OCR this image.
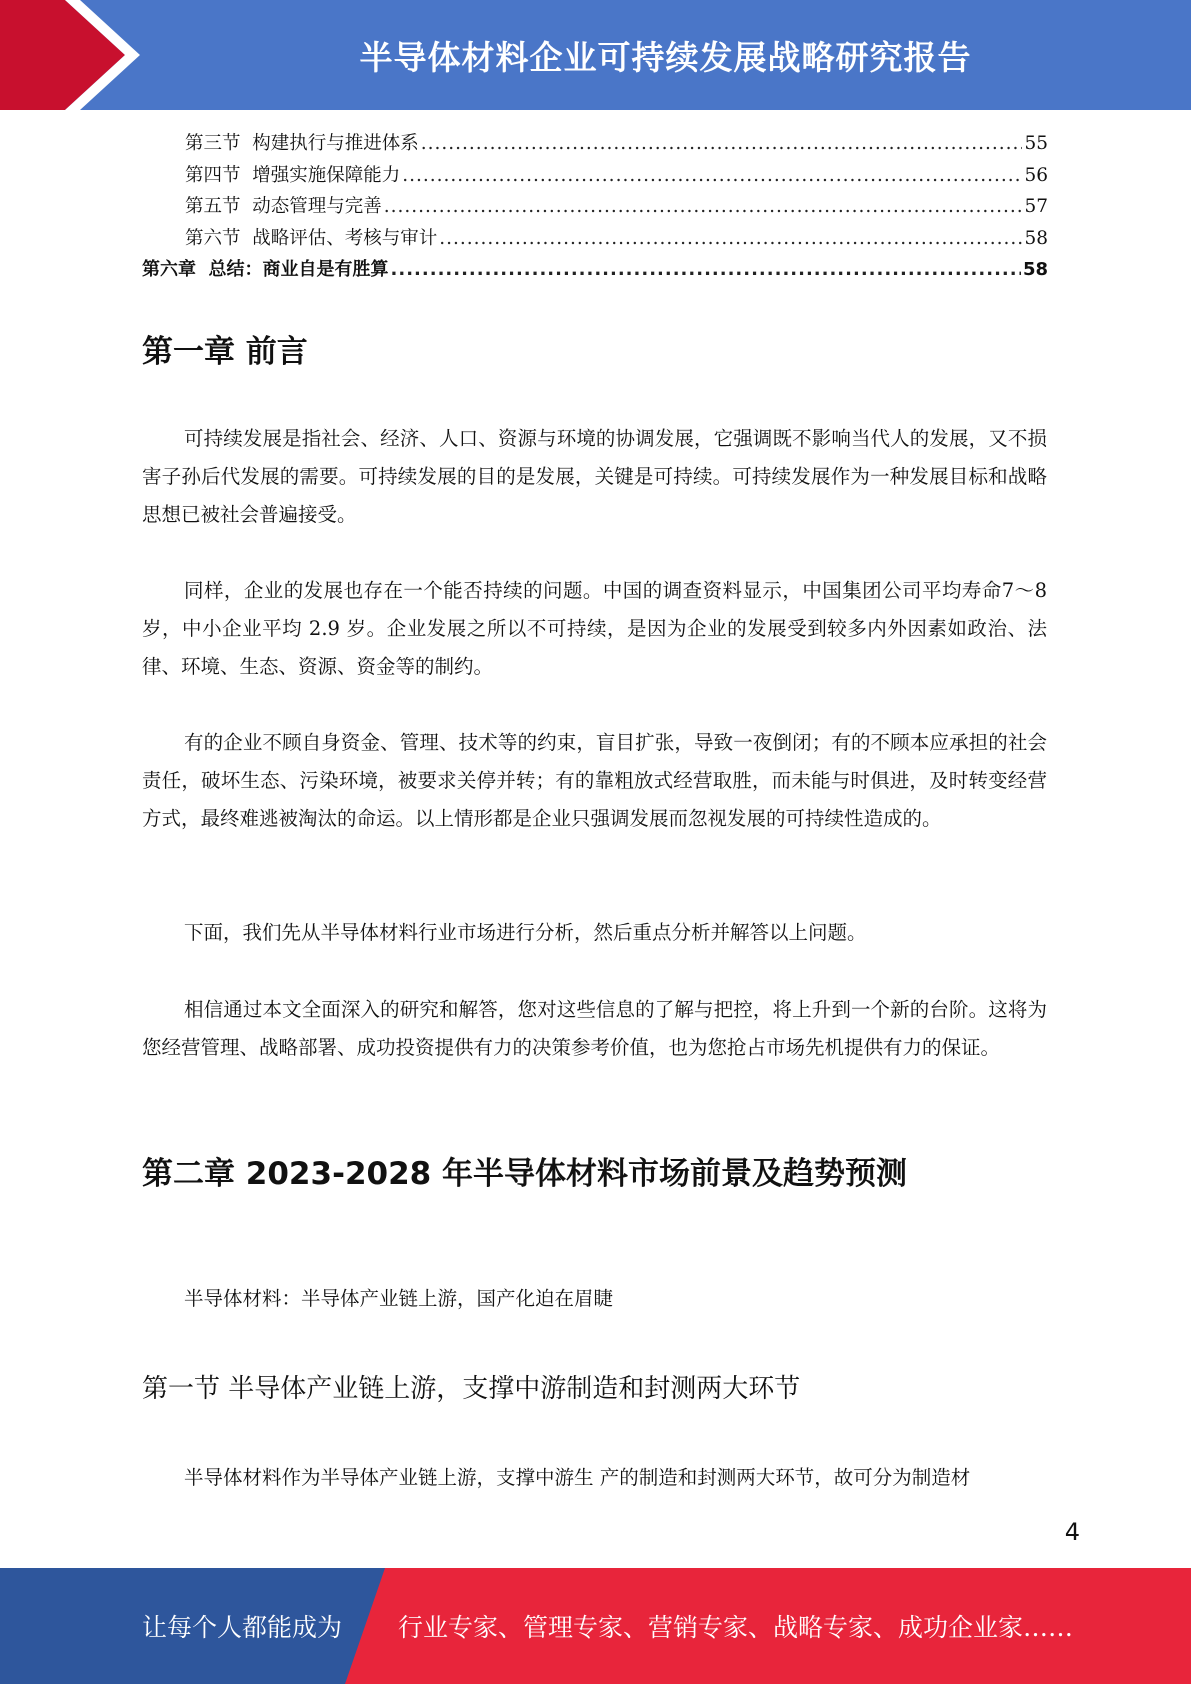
半导体材料企业可持续发展战略研究报告
第三节  构建执行与推进体系 .....	55
第四节  增强实施保障能力 .....	56
第五节  动态管理与完善 .....	57
第六节  战略评估、考核与审计 .....	58
第六章  总结：商业自是有胜算 .....	58
第一章 前言

可持续发展是指社会、经济、人口、资源与环境的协调发展，它强调既不影响当代人的发展，又不损害子孙后代发展的需要。可持续发展的目的是发展，关键是可持续。可持续发展作为一种发展目标和战略思想已被社会普遍接受。

同样，企业的发展也存在一个能否持续的问题。中国的调查资料显示，中国集团公司平均寿命7～8 岁，中小企业平均 2.9 岁。企业发展之所以不可持续，是因为企业的发展受到较多内外因素如政治、法律、环境、生态、资源、资金等的制约。

有的企业不顾自身资金、管理、技术等的约束，盲目扩张，导致一夜倒闭；有的不顾本应承担的社会责任，破坏生态、污染环境，被要求关停并转；有的靠粗放式经营取胜，而未能与时俱进，及时转变经营方式，最终难逃被淘汰的命运。以上情形都是企业只强调发展而忽视发展的可持续性造成的。

下面，我们先从半导体材料行业市场进行分析，然后重点分析并解答以上问题。

相信通过本文全面深入的研究和解答，您对这些信息的了解与把控，将上升到一个新的台阶。这将为您经营管理、战略部署、成功投资提供有力的决策参考价值，也为您抢占市场先机提供有力的保证。

第二章 2023-2028 年半导体材料市场前景及趋势预测

半导体材料：半导体产业链上游，国产化迫在眉睫

第一节 半导体产业链上游，支撑中游制造和封测两大环节

半导体材料作为半导体产业链上游，支撑中游生 产的制造和封测两大环节，故可分为制造材

4
让每个人都能成为 行业专家、管理专家、营销专家、战略专家、成功企业家……
